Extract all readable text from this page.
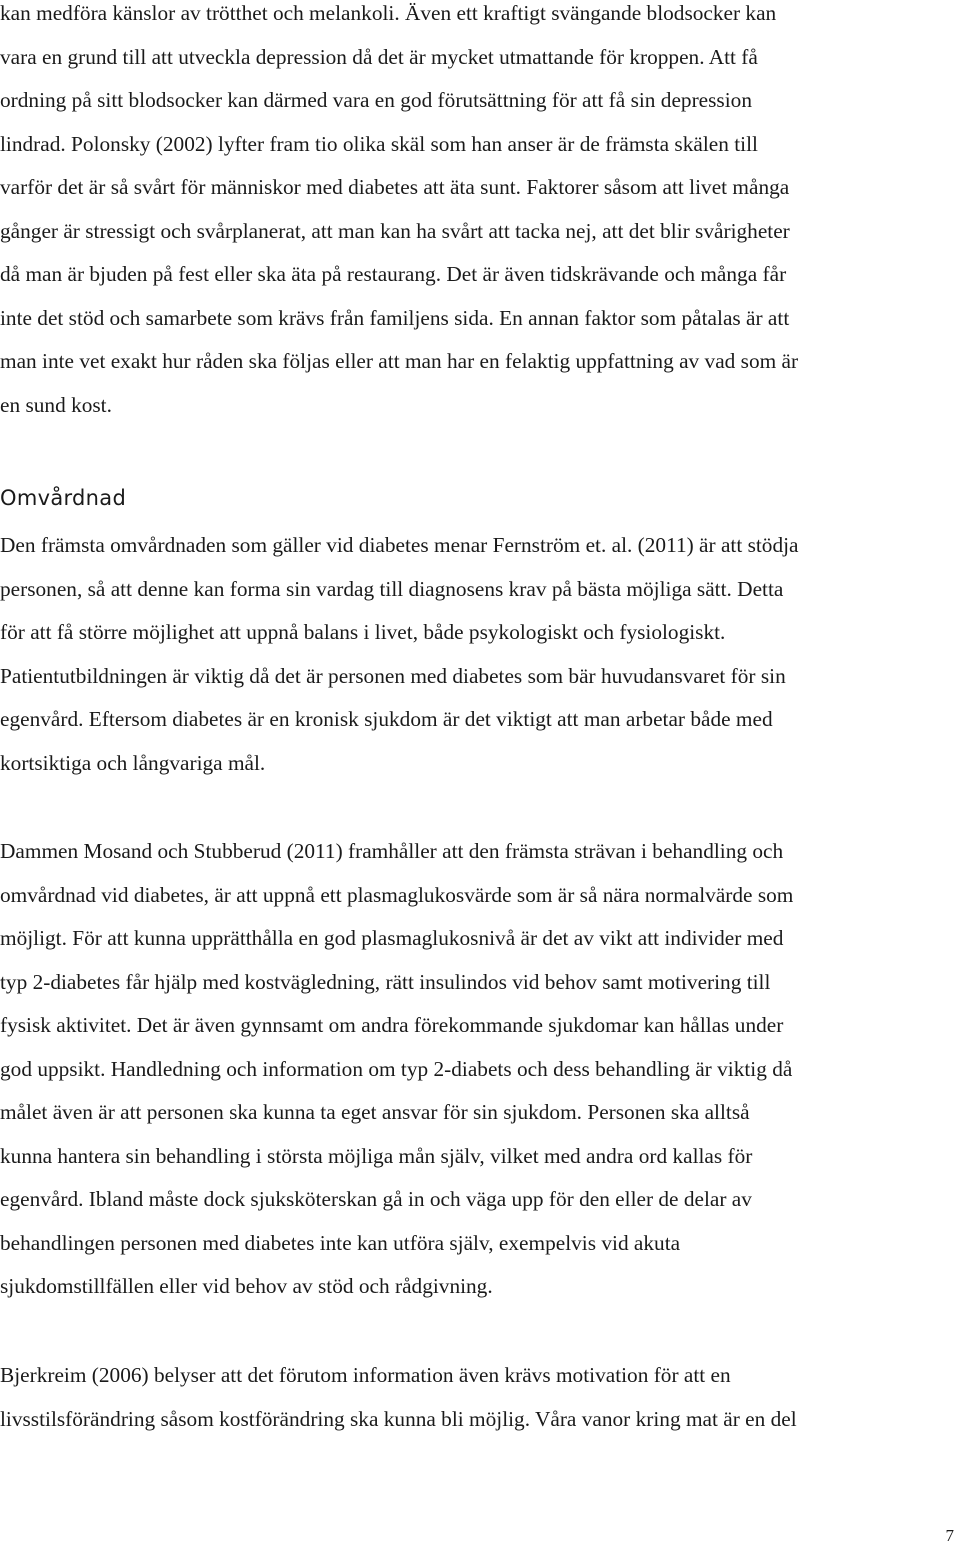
kan medföra känslor av trötthet och melankoli. Även ett kraftigt svängande blodsocker kan
vara en grund till att utveckla depression då det är mycket utmattande för kroppen. Att få
ordning på sitt blodsocker kan därmed vara en god förutsättning för att få sin depression
lindrad. Polonsky (2002) lyfter fram tio olika skäl som han anser är de främsta skälen till
varför det är så svårt för människor med diabetes att äta sunt. Faktorer såsom att livet många
gånger är stressigt och svårplanerat, att man kan ha svårt att tacka nej, att det blir svårigheter
då man är bjuden på fest eller ska äta på restaurang. Det är även tidskrävande och många får
inte det stöd och samarbete som krävs från familjens sida. En annan faktor som påtalas är att
man inte vet exakt hur råden ska följas eller att man har en felaktig uppfattning av vad som är
en sund kost.
Omvårdnad
Den främsta omvårdnaden som gäller vid diabetes menar Fernström et. al. (2011) är att stödja
personen, så att denne kan forma sin vardag till diagnosens krav på bästa möjliga sätt. Detta
för att få större möjlighet att uppnå balans i livet, både psykologiskt och fysiologiskt.
Patientutbildningen är viktig då det är personen med diabetes som bär huvudansvaret för sin
egenvård. Eftersom diabetes är en kronisk sjukdom är det viktigt att man arbetar både med
kortsiktiga och långvariga mål.
Dammen Mosand och Stubberud (2011) framhåller att den främsta strävan i behandling och
omvårdnad vid diabetes, är att uppnå ett plasmaglukosvärde som är så nära normalvärde som
möjligt. För att kunna upprätthålla en god plasmaglukosnivå är det av vikt att individer med
typ 2-diabetes får hjälp med kostvägledning, rätt insulindos vid behov samt motivering till
fysisk aktivitet. Det är även gynnsamt om andra förekommande sjukdomar kan hållas under
god uppsikt. Handledning och information om typ 2-diabets och dess behandling är viktig då
målet även är att personen ska kunna ta eget ansvar för sin sjukdom. Personen ska alltså
kunna hantera sin behandling i största möjliga mån själv, vilket med andra ord kallas för
egenvård. Ibland måste dock sjuksköterskan gå in och väga upp för den eller de delar av
behandlingen personen med diabetes inte kan utföra själv, exempelvis vid akuta
sjukdomstillfällen eller vid behov av stöd och rådgivning.
Bjerkreim (2006) belyser att det förutom information även krävs motivation för att en
livsstilsförändring såsom kostförändring ska kunna bli möjlig. Våra vanor kring mat är en del
7
